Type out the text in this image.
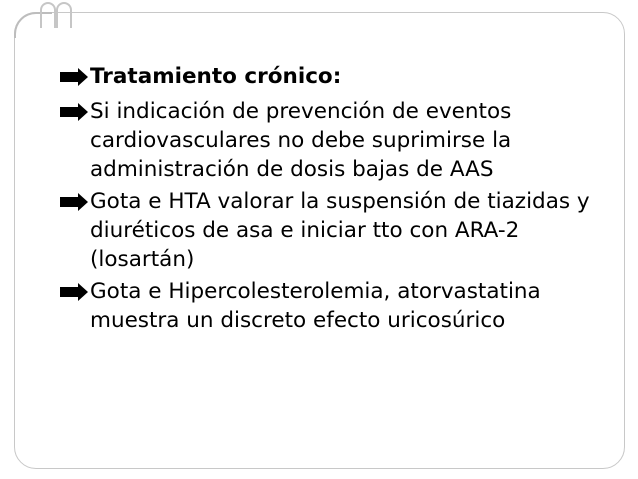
Tratamiento crónico:
Si indicación de prevención de eventos cardiovasculares no debe suprimirse la administración de dosis bajas de AAS
Gota e HTA valorar la suspensión de tiazidas y diuréticos de asa e iniciar tto con ARA-2 (losartán)
Gota e Hipercolesterolemia, atorvastatina muestra un discreto efecto uricosúrico
